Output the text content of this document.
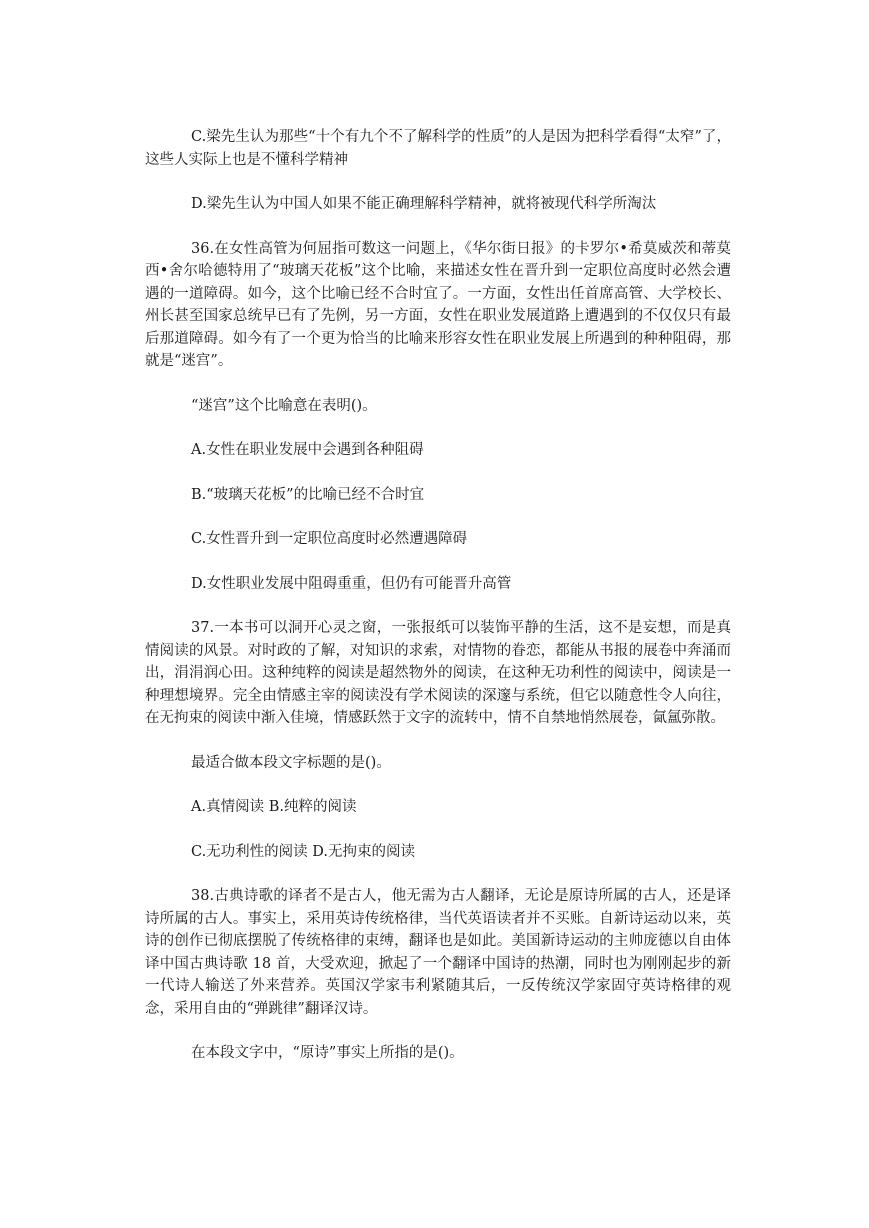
C.梁先生认为那些“十个有九个不了解科学的性质”的人是因为把科学看得“太窄”了，这些人实际上也是不懂科学精神

D.梁先生认为中国人如果不能正确理解科学精神，就将被现代科学所淘汰

36.在女性高管为何屈指可数这一问题上，《华尔街日报》的卡罗尔•希莫威茨和蒂莫西•舍尔哈德特用了“玻璃天花板”这个比喻，来描述女性在晋升到一定职位高度时必然会遭遇的一道障碍。如今，这个比喻已经不合时宜了。一方面，女性出任首席高管、大学校长、州长甚至国家总统早已有了先例，另一方面，女性在职业发展道路上遭遇到的不仅仅只有最后那道障碍。如今有了一个更为恰当的比喻来形容女性在职业发展上所遇到的种种阻碍，那就是“迷宫”。

“迷宫”这个比喻意在表明()。

A.女性在职业发展中会遇到各种阻碍

B.“玻璃天花板”的比喻已经不合时宜

C.女性晋升到一定职位高度时必然遭遇障碍

D.女性职业发展中阻碍重重，但仍有可能晋升高管

37.一本书可以洞开心灵之窗，一张报纸可以装饰平静的生活，这不是妄想，而是真情阅读的风景。对时政的了解，对知识的求索，对情物的眷恋，都能从书报的展卷中奔涌而出，涓涓润心田。这种纯粹的阅读是超然物外的阅读，在这种无功利性的阅读中，阅读是一种理想境界。完全由情感主宰的阅读没有学术阅读的深邃与系统，但它以随意性令人向往，在无拘束的阅读中渐入佳境，情感跃然于文字的流转中，情不自禁地悄然展卷，氤氲弥散。

最适合做本段文字标题的是()。

A.真情阅读 B.纯粹的阅读

C.无功利性的阅读 D.无拘束的阅读

38.古典诗歌的译者不是古人，他无需为古人翻译，无论是原诗所属的古人，还是译诗所属的古人。事实上，采用英诗传统格律，当代英语读者并不买账。自新诗运动以来，英诗的创作已彻底摆脱了传统格律的束缚，翻译也是如此。美国新诗运动的主帅庞德以自由体译中国古典诗歌 18 首，大受欢迎，掀起了一个翻译中国诗的热潮，同时也为刚刚起步的新一代诗人输送了外来营养。英国汉学家韦利紧随其后，一反传统汉学家固守英诗格律的观念，采用自由的“弹跳律”翻译汉诗。

在本段文字中，“原诗”事实上所指的是()。
